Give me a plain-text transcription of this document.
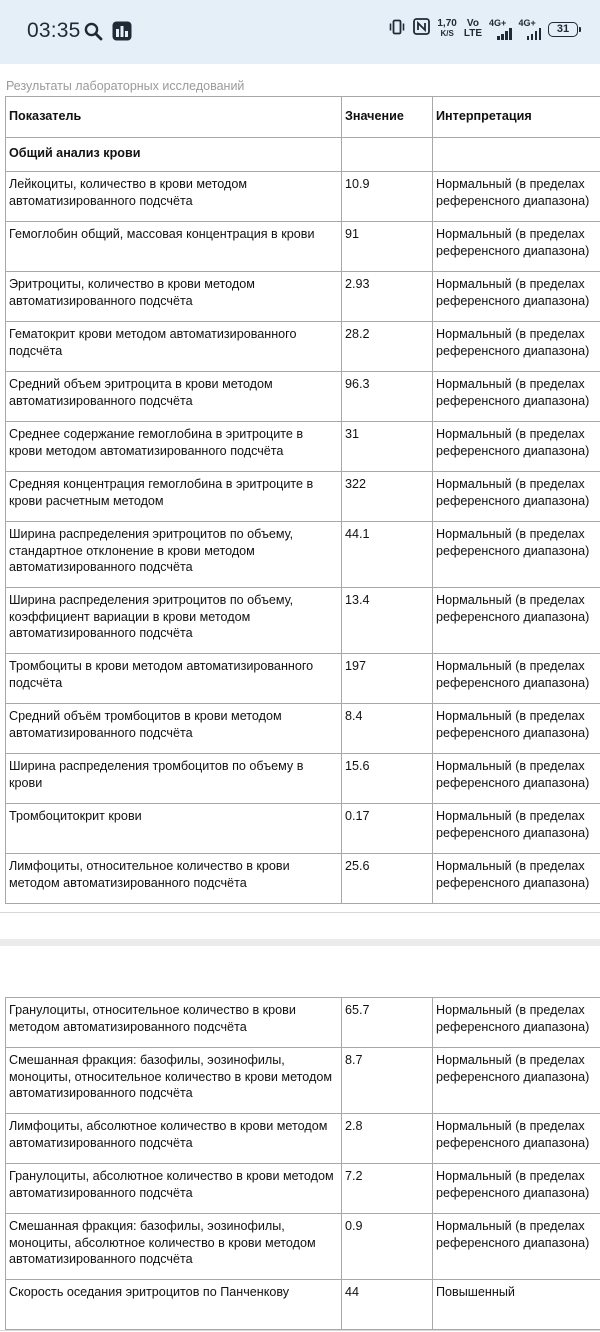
03:35	1,70
K/S
Vo
LTE
4G+ 4G+
31
Результаты лабораторных исследований
Показатель	Значение	Интерпретация
Общий анализ крови		
Лейкоциты, количество в крови методом автоматизированного подсчёта	10.9	Нормальный (в пределах референсного диапазона)
Гемоглобин общий, массовая концентрация в крови	91	Нормальный (в пределах референсного диапазона)
Эритроциты, количество в крови методом автоматизированного подсчёта	2.93	Нормальный (в пределах референсного диапазона)
Гематокрит крови методом автоматизированного подсчёта	28.2	Нормальный (в пределах референсного диапазона)
Средний объем эритроцита в крови методом автоматизированного подсчёта	96.3	Нормальный (в пределах референсного диапазона)
Среднее содержание гемоглобина в эритроците в крови методом автоматизированного подсчёта	31	Нормальный (в пределах референсного диапазона)
Средняя концентрация гемоглобина в эритроците в крови расчетным методом	322	Нормальный (в пределах референсного диапазона)
Ширина распределения эритроцитов по объему, стандартное отклонение в крови методом автоматизированного подсчёта	44.1	Нормальный (в пределах референсного диапазона)
Ширина распределения эритроцитов по объему, коэффициент вариации в крови методом автоматизированного подсчёта	13.4	Нормальный (в пределах референсного диапазона)
Тромбоциты в крови методом автоматизированного подсчёта	197	Нормальный (в пределах референсного диапазона)
Средний объём тромбоцитов в крови методом автоматизированного подсчёта	8.4	Нормальный (в пределах референсного диапазона)
Ширина распределения тромбоцитов по объему в крови	15.6	Нормальный (в пределах референсного диапазона)
Тромбоцитокрит крови	0.17	Нормальный (в пределах референсного диапазона)
Лимфоциты, относительное количество в крови методом автоматизированного подсчёта	25.6	Нормальный (в пределах референсного диапазона)
Гранулоциты, относительное количество в крови методом автоматизированного подсчёта	65.7	Нормальный (в пределах референсного диапазона)
Смешанная фракция: базофилы, эозинофилы, моноциты, относительное количество в крови методом автоматизированного подсчёта	8.7	Нормальный (в пределах референсного диапазона)
Лимфоциты, абсолютное количество в крови методом автоматизированного подсчёта	2.8	Нормальный (в пределах референсного диапазона)
Гранулоциты, абсолютное количество в крови методом автоматизированного подсчёта	7.2	Нормальный (в пределах референсного диапазона)
Смешанная фракция: базофилы, эозинофилы, моноциты, абсолютное количество в крови методом автоматизированного подсчёта	0.9	Нормальный (в пределах референсного диапазона)
Скорость оседания эритроцитов по Панченкову	44	Повышенный
